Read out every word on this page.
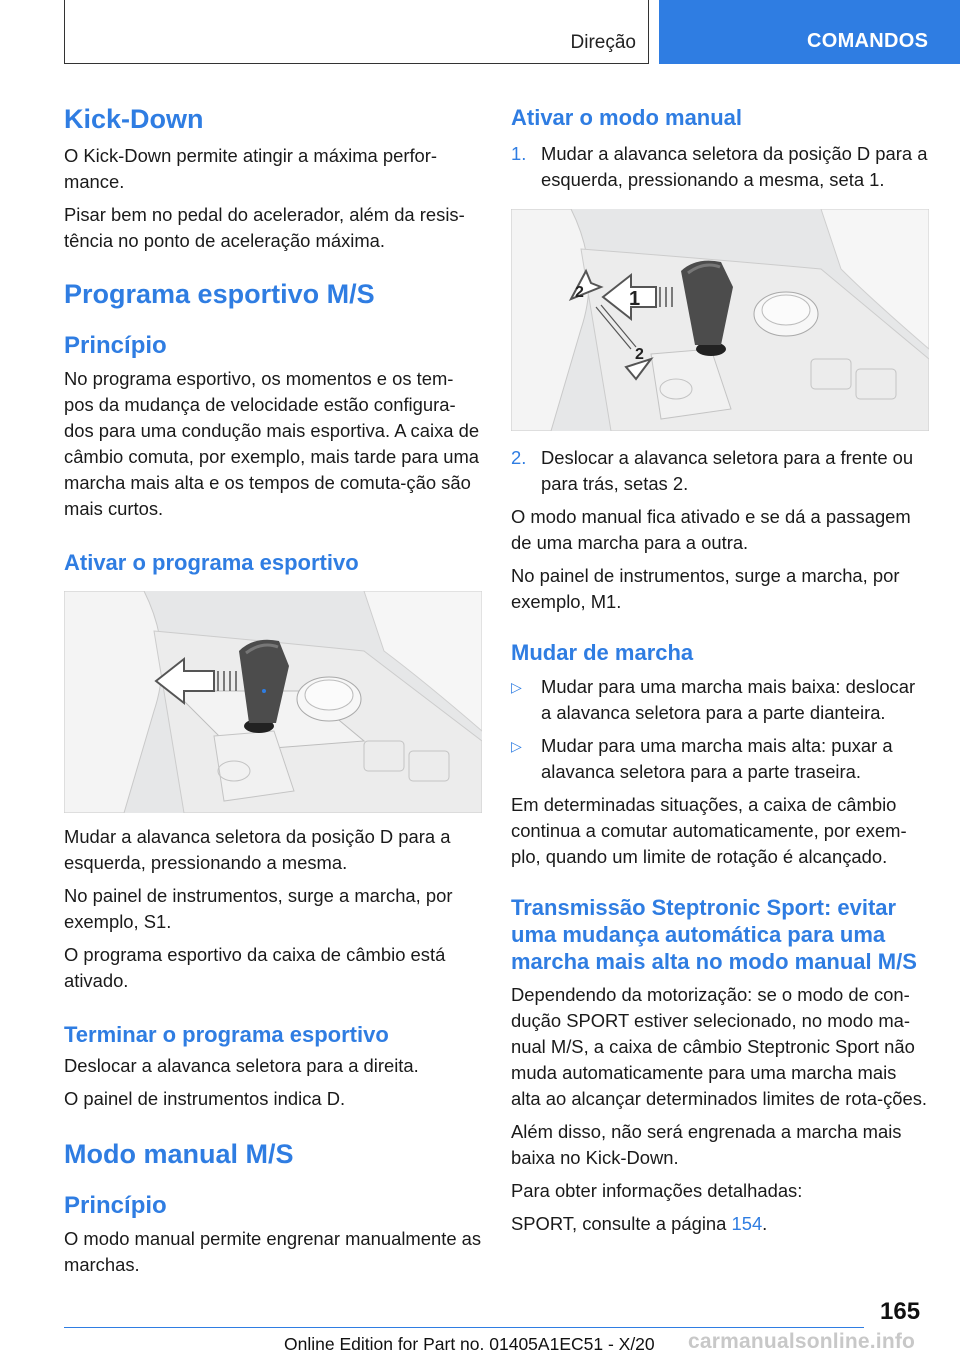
Direção	COMANDOS
Kick-Down

O Kick-Down permite atingir a máxima perfor-mance.

Pisar bem no pedal do acelerador, além da resis-tência no ponto de aceleração máxima.

Programa esportivo M/S
Princípio

No programa esportivo, os momentos e os tem-pos da mudança de velocidade estão configura-dos para uma condução mais esportiva. A caixa de câmbio comuta, por exemplo, mais tarde para uma marcha mais alta e os tempos de comuta-ção são mais curtos.

Ativar o programa esportivo

Mudar a alavanca seletora da posição D para a esquerda, pressionando a mesma.

No painel de instrumentos, surge a marcha, por exemplo, S1.

O programa esportivo da caixa de câmbio está ativado.

Terminar o programa esportivo

Deslocar a alavanca seletora para a direita.

O painel de instrumentos indica D.

Modo manual M/S
Princípio

O modo manual permite engrenar manualmente as marchas.

Ativar o modo manual
1. Mudar a alavanca seletora da posição D para a esquerda, pressionando a mesma, seta 1.
1
2
2
2. Deslocar a alavanca seletora para a frente ou para trás, setas 2.

O modo manual fica ativado e se dá a passagem de uma marcha para a outra.

No painel de instrumentos, surge a marcha, por exemplo, M1.

Mudar de marcha
▷ Mudar para uma marcha mais baixa: deslocar a alavanca seletora para a parte dianteira.
▷ Mudar para uma marcha mais alta: puxar a alavanca seletora para a parte traseira.

Em determinadas situações, a caixa de câmbio continua a comutar automaticamente, por exem-plo, quando um limite de rotação é alcançado.

Transmissão Steptronic Sport: evitar uma mudança automática para uma marcha mais alta no modo manual M/S

Dependendo da motorização: se o modo de con-dução SPORT estiver selecionado, no modo ma-nual M/S, a caixa de câmbio Steptronic Sport não muda automaticamente para uma marcha mais alta ao alcançar determinados limites de rota-ções.

Além disso, não será engrenada a marcha mais baixa no Kick-Down.

Para obter informações detalhadas:

SPORT, consulte a página 154.

165
Online Edition for Part no. 01405A1EC51 - X/20 carmanualsonline.info
